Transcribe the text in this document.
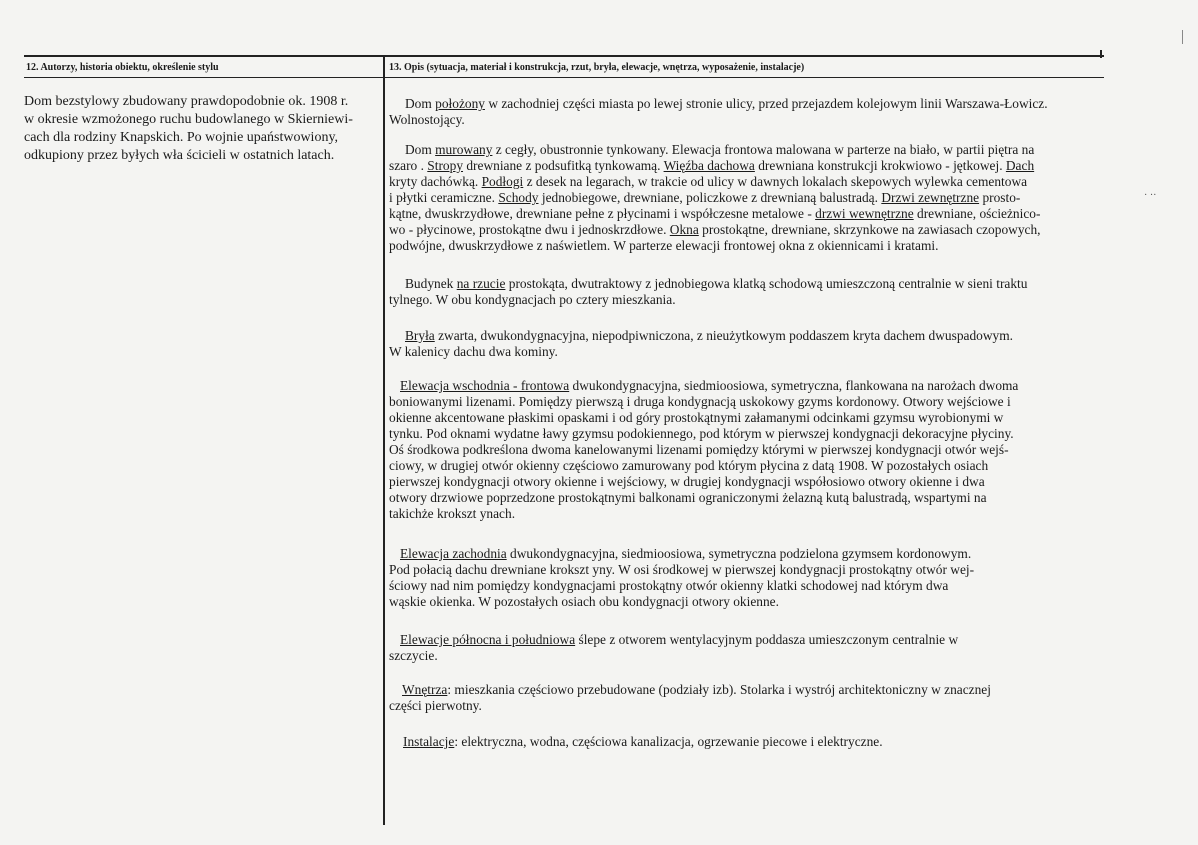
· ··
12. Autorzy, historia obiektu, określenie stylu
Dom bezstylowy zbudowany prawdopodobnie ok. 1908 r.
w okresie wzmożonego ruchu budowlanego w Skierniewi-
cach dla rodziny Knapskich. Po wojnie upaństwowiony,
odkupiony przez byłych wła ścicieli w ostatnich latach.
13. Opis (sytuacja, materiał i konstrukcja, rzut, bryła, elewacje, wnętrza, wyposażenie, instalacje)
Dom położony w zachodniej części miasta po lewej stronie ulicy, przed przejazdem kolejowym linii Warszawa-Łowicz.
Wolnostojący.
Dom murowany z cegły, obustronnie tynkowany. Elewacja frontowa malowana w parterze na biało, w partii piętra na
szaro . Stropy drewniane z podsufitką tynkowamą. Więźba dachowa drewniana konstrukcji krokwiowo - jętkowej. Dach
kryty dachówką. Podłogi z desek na legarach, w trakcie od ulicy w dawnych lokalach skepowych wylewka cementowa
i płytki ceramiczne. Schody jednobiegowe, drewniane, policzkowe z drewnianą balustradą. Drzwi zewnętrzne prosto-
kątne, dwuskrzydłowe, drewniane pełne z płycinami i współczesne metalowe - drzwi wewnętrzne drewniane, ościeżnico-
wo - płycinowe, prostokątne dwu i jednoskrzdłowe. Okna prostokątne, drewniane, skrzynkowe na zawiasach czopowych,
podwójne, dwuskrzydłowe z naświetlem. W parterze elewacji frontowej okna z okiennicami i kratami.
Budynek na rzucie prostokąta, dwutraktowy z jednobiegowa klatką schodową umieszczoną centralnie w sieni traktu
tylnego. W obu kondygnacjach po cztery mieszkania.
Bryła zwarta, dwukondygnacyjna, niepodpiwniczona, z nieużytkowym poddaszem kryta dachem dwuspadowym.
W kalenicy dachu dwa kominy.
Elewacja wschodnia - frontowa dwukondygnacyjna, siedmioosiowa, symetryczna, flankowana na narożach dwoma
boniowanymi lizenami. Pomiędzy pierwszą i druga kondygnacją uskokowy gzyms kordonowy. Otwory wejściowe i
okienne akcentowane płaskimi opaskami i od góry prostokątnymi załamanymi odcinkami gzymsu wyrobionymi w
tynku. Pod oknami wydatne ławy gzymsu podokiennego, pod którym w pierwszej kondygnacji dekoracyjne płyciny.
Oś środkowa podkreślona dwoma kanelowanymi lizenami pomiędzy którymi w pierwszej kondygnacji otwór wejś-
ciowy, w drugiej otwór okienny częściowo zamurowany pod którym płycina z datą 1908. W pozostałych osiach
pierwszej kondygnacji otwory okienne i wejściowy, w drugiej kondygnacji współosiowo otwory okienne i dwa
otwory drzwiowe poprzedzone prostokątnymi balkonami ograniczonymi żelazną kutą balustradą, wspartymi na
takichże krokszt ynach.
Elewacja zachodnia dwukondygnacyjna, siedmioosiowa, symetryczna podzielona gzymsem kordonowym.
Pod połacią dachu drewniane krokszt yny. W osi środkowej w pierwszej kondygnacji prostokątny otwór wej-
ściowy nad nim pomiędzy kondygnacjami prostokątny otwór okienny klatki schodowej nad którym dwa
wąskie okienka. W pozostałych osiach obu kondygnacji otwory okienne.
Elewacje północna i południowa ślepe z otworem wentylacyjnym poddasza umieszczonym centralnie w
szczycie.
Wnętrza: mieszkania częściowo przebudowane (podziały izb). Stolarka i wystrój architektoniczny w znacznej
części pierwotny.
Instalacje: elektryczna, wodna, częściowa kanalizacja, ogrzewanie piecowe i elektryczne.
